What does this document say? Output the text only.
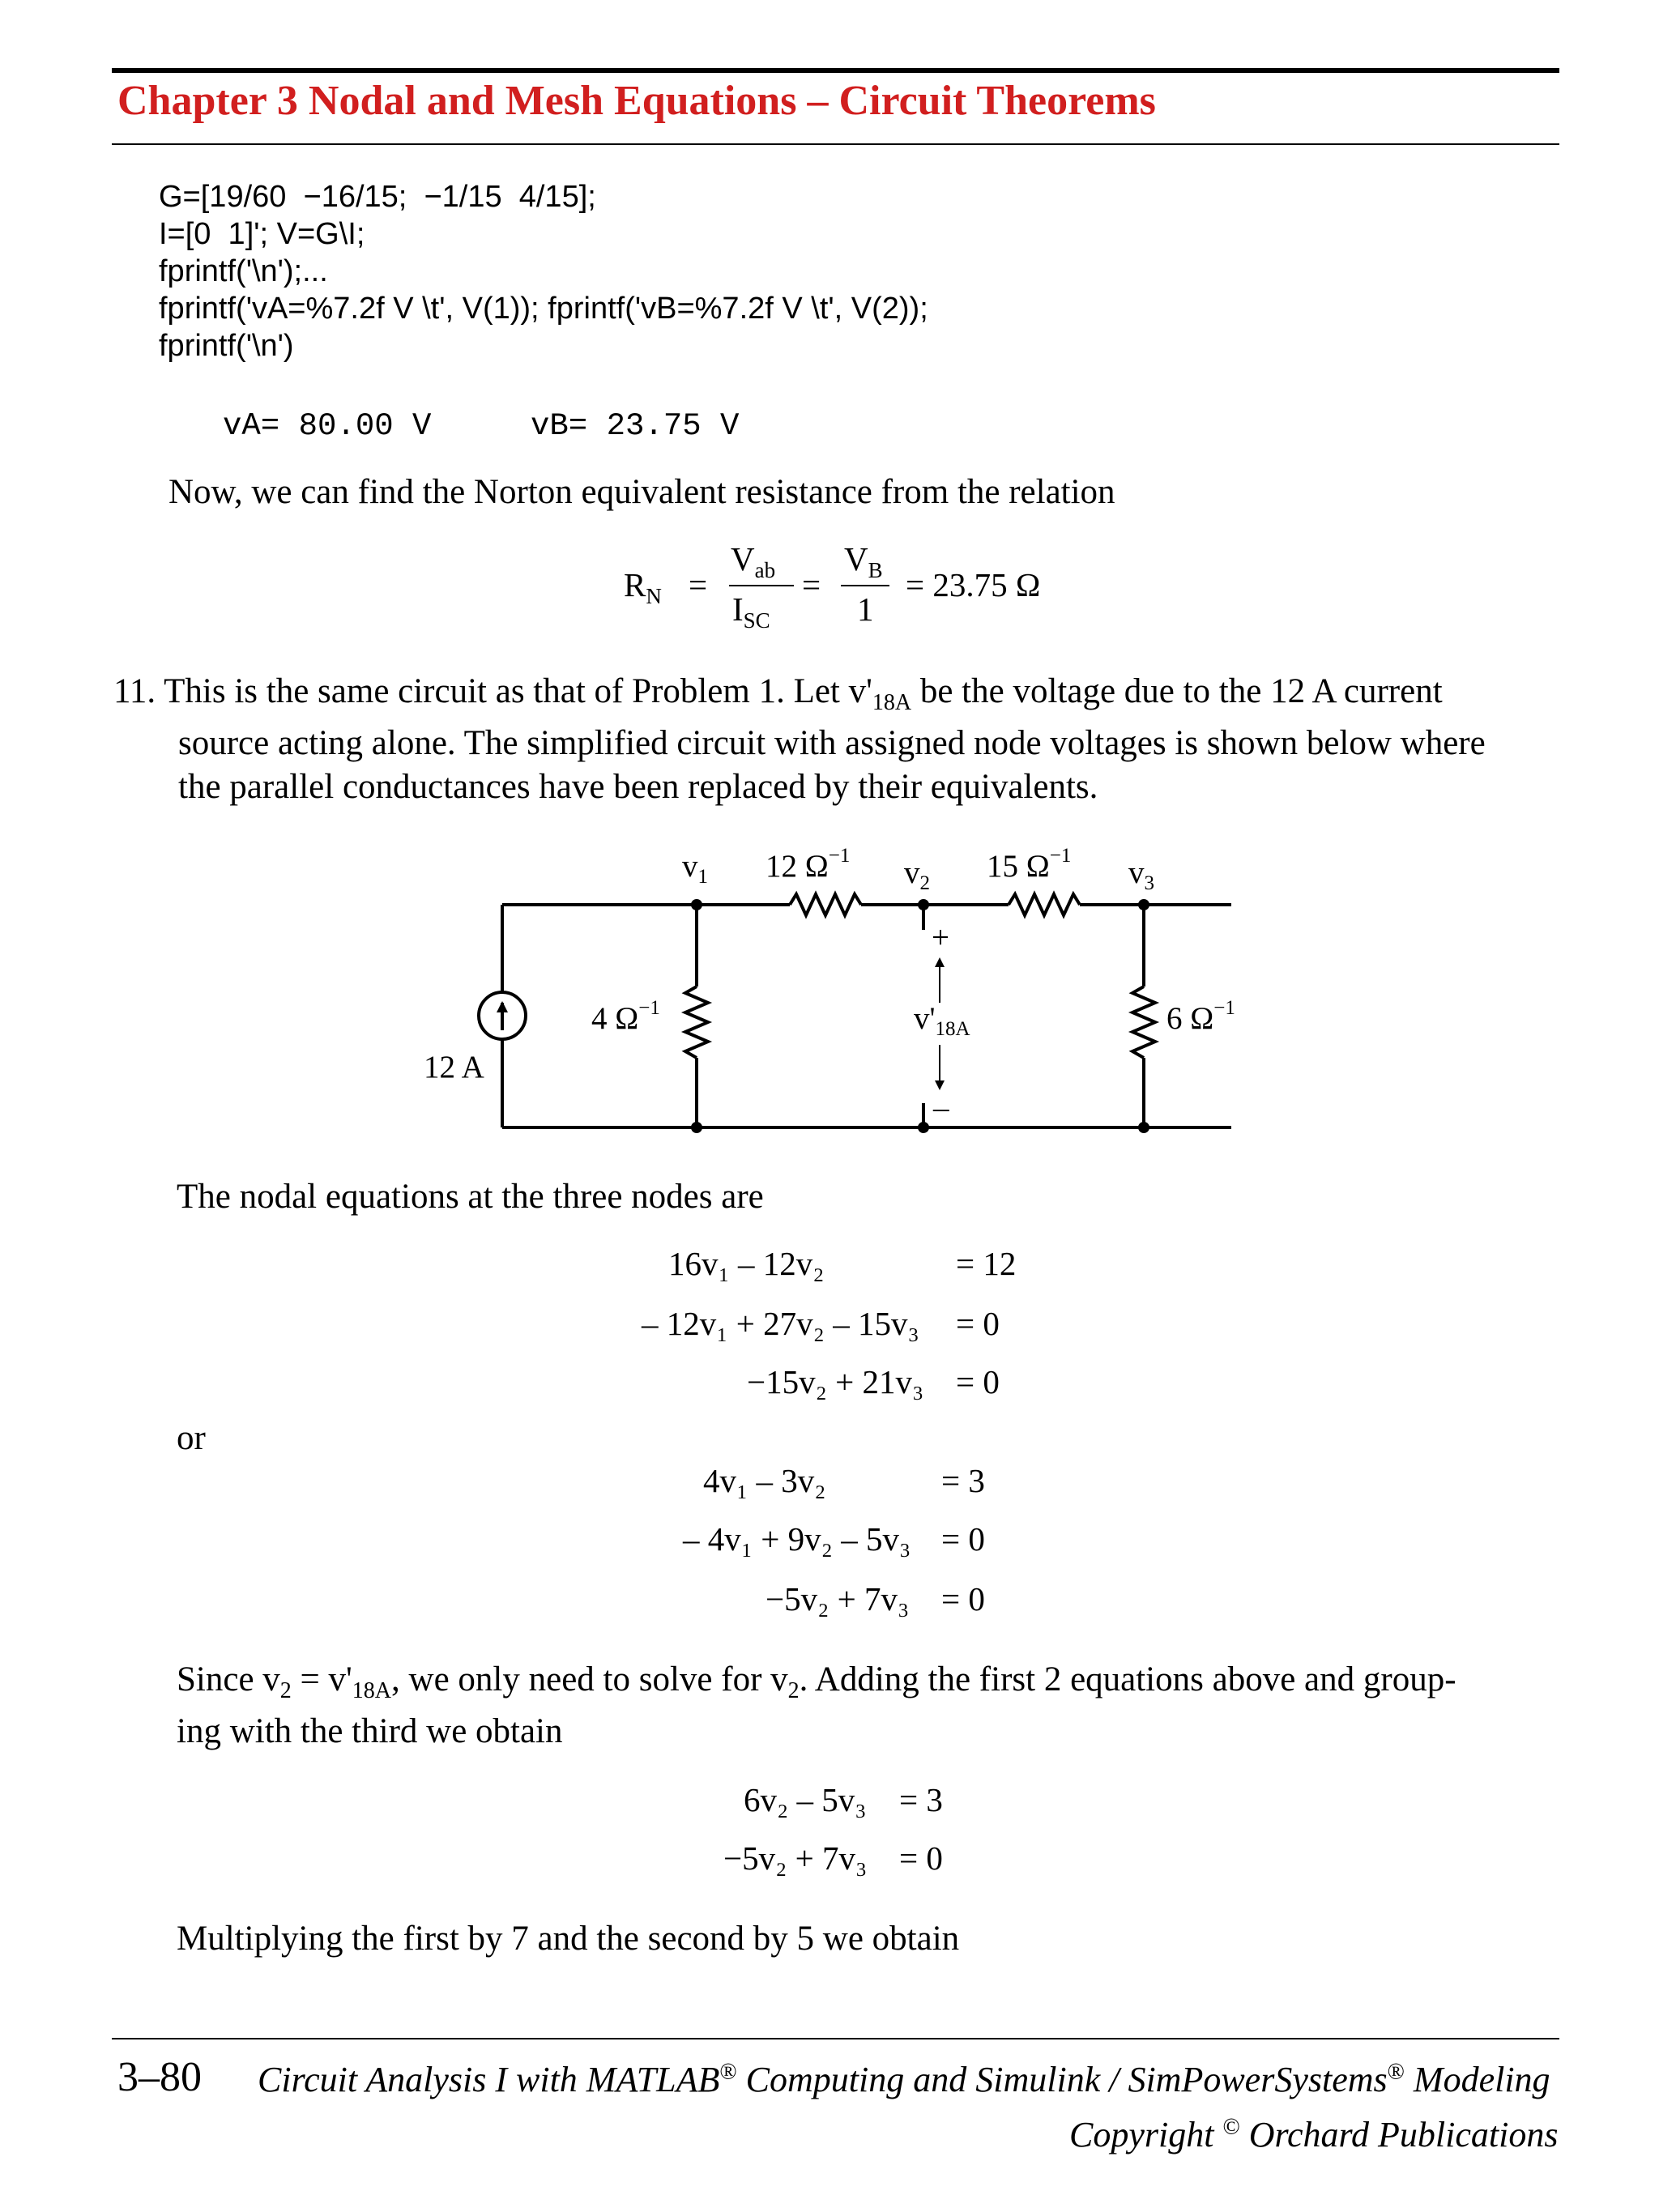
Chapter 3 Nodal and Mesh Equations – Circuit Theorems
G=[19/60  −16/15;  −1/15  4/15];
I=[0  1]'; V=G\I;
fprintf('\n');...
fprintf('vA=%7.2f V \t', V(1)); fprintf('vB=%7.2f V \t', V(2));
fprintf('\n')
vA= 80.00 V	vB= 23.75 V
Now, we can find the Norton equivalent resistance from the relation
$R_N$ =
$V_{ab}$
$I_{SC}$
=
$V_B$
1
= 23.75 Ω
11. This is the same circuit as that of Problem 1. Let $v'_{18A}$ be the voltage due to the 12 A current
source acting alone. The simplified circuit with assigned node voltages is shown below where
the parallel conductances have been replaced by their equivalents.
$v_1$	$v_2$	$v_3$
12 $\Omega^{-1}$	15 $\Omega^{-1}$
4 $\Omega^{-1}$	6 $\Omega^{-1}$
12 A
$v'_{18A}$
+
–
The nodal equations at the three nodes are
16v₁ – 12v₂	= 12
– 12v₁ + 27v₂ – 15v₃ = 0
−15v₂ + 21v₃ = 0
or
4v₁ – 3v₂	= 3
– 4v₁ + 9v₂ – 5v₃ = 0
−5v₂ + 7v₃ = 0
Since $v_2 = v'_{18A}$, we only need to solve for $v_2$. Adding the first 2 equations above and group-
ing with the third we obtain
6v₂ – 5v₃ = 3
−5v₂ + 7v₃ = 0
Multiplying the first by 7 and the second by 5 we obtain
3–80 Circuit Analysis I with MATLAB® Computing and Simulink / SimPowerSystems® Modeling
Copyright © Orchard Publications
